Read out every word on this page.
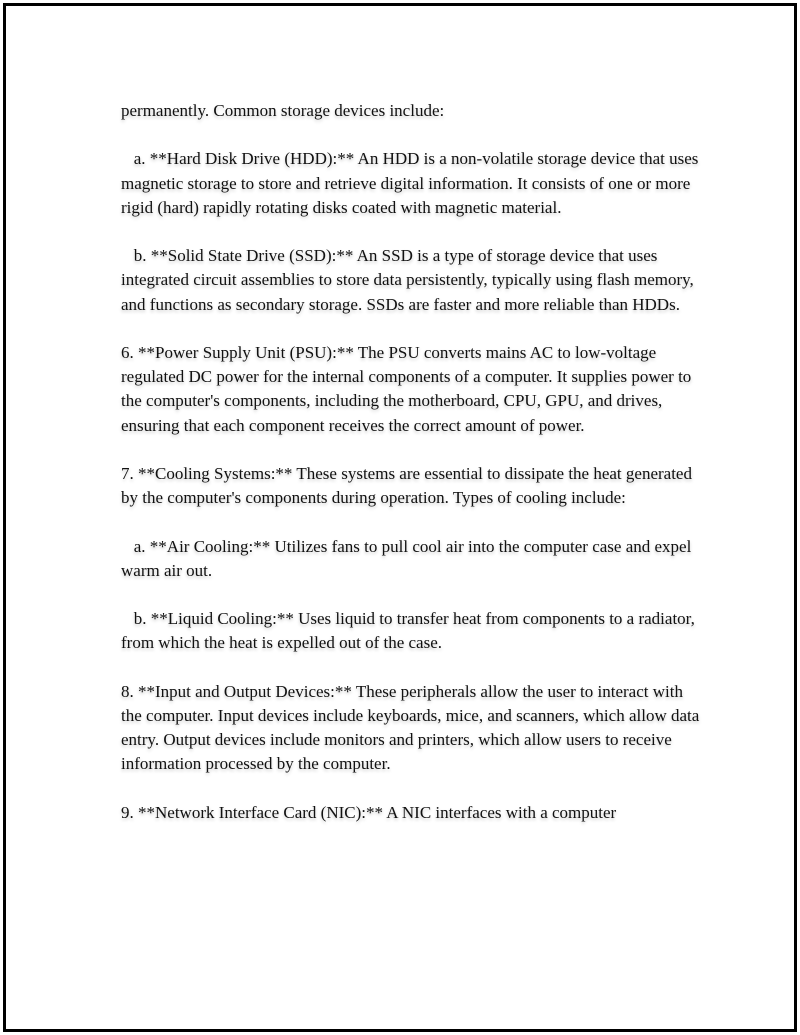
permanently. Common storage devices include:

a. **Hard Disk Drive (HDD):** An HDD is a non-volatile storage device that uses magnetic storage to store and retrieve digital information. It consists of one or more rigid (hard) rapidly rotating disks coated with magnetic material.

b. **Solid State Drive (SSD):** An SSD is a type of storage device that uses integrated circuit assemblies to store data persistently, typically using flash memory, and functions as secondary storage. SSDs are faster and more reliable than HDDs.

6. **Power Supply Unit (PSU):** The PSU converts mains AC to low-voltage regulated DC power for the internal components of a computer. It supplies power to the computer's components, including the motherboard, CPU, GPU, and drives, ensuring that each component receives the correct amount of power.

7. **Cooling Systems:** These systems are essential to dissipate the heat generated by the computer's components during operation. Types of cooling include:

a. **Air Cooling:** Utilizes fans to pull cool air into the computer case and expel warm air out.

b. **Liquid Cooling:** Uses liquid to transfer heat from components to a radiator, from which the heat is expelled out of the case.

8. **Input and Output Devices:** These peripherals allow the user to interact with the computer. Input devices include keyboards, mice, and scanners, which allow data entry. Output devices include monitors and printers, which allow users to receive information processed by the computer.

9. **Network Interface Card (NIC):** A NIC interfaces with a computer
